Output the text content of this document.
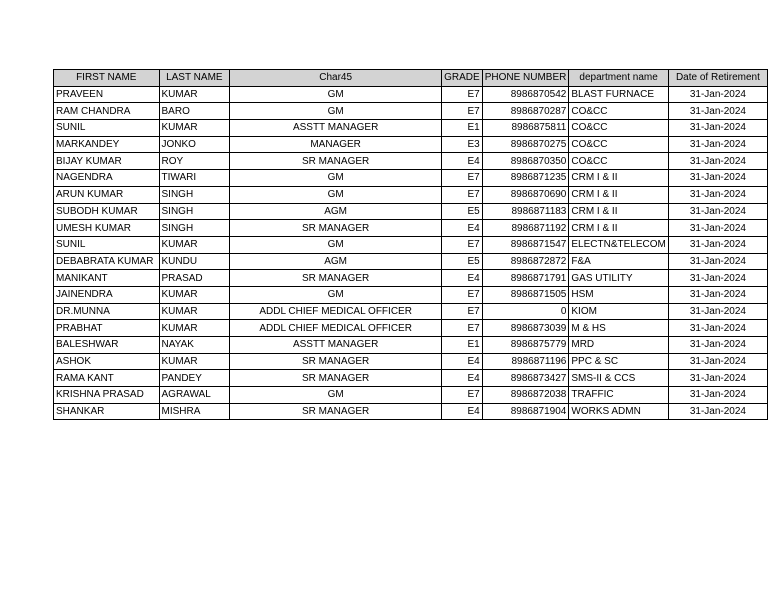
FIRST NAME	LAST NAME	Char45	GRADE	PHONE NUMBER	department name	Date of Retirement
PRAVEEN	KUMAR	GM	E7	8986870542	BLAST FURNACE	31-Jan-2024
RAM CHANDRA	BARO	GM	E7	8986870287	CO&CC	31-Jan-2024
SUNIL	KUMAR	ASSTT MANAGER	E1	8986875811	CO&CC	31-Jan-2024
MARKANDEY	JONKO	MANAGER	E3	8986870275	CO&CC	31-Jan-2024
BIJAY KUMAR	ROY	SR MANAGER	E4	8986870350	CO&CC	31-Jan-2024
NAGENDRA	TIWARI	GM	E7	8986871235	CRM I & II	31-Jan-2024
ARUN KUMAR	SINGH	GM	E7	8986870690	CRM I & II	31-Jan-2024
SUBODH KUMAR	SINGH	AGM	E5	8986871183	CRM I & II	31-Jan-2024
UMESH KUMAR	SINGH	SR MANAGER	E4	8986871192	CRM I & II	31-Jan-2024
SUNIL	KUMAR	GM	E7	8986871547	ELECTN&TELECOM	31-Jan-2024
DEBABRATA KUMAR	KUNDU	AGM	E5	8986872872	F&A	31-Jan-2024
MANIKANT	PRASAD	SR MANAGER	E4	8986871791	GAS UTILITY	31-Jan-2024
JAINENDRA	KUMAR	GM	E7	8986871505	HSM	31-Jan-2024
DR.MUNNA	KUMAR	ADDL CHIEF MEDICAL OFFICER	E7	0	KIOM	31-Jan-2024
PRABHAT	KUMAR	ADDL CHIEF MEDICAL OFFICER	E7	8986873039	M & HS	31-Jan-2024
BALESHWAR	NAYAK	ASSTT MANAGER	E1	8986875779	MRD	31-Jan-2024
ASHOK	KUMAR	SR MANAGER	E4	8986871196	PPC & SC	31-Jan-2024
RAMA KANT	PANDEY	SR MANAGER	E4	8986873427	SMS-II & CCS	31-Jan-2024
KRISHNA PRASAD	AGRAWAL	GM	E7	8986872038	TRAFFIC	31-Jan-2024
SHANKAR	MISHRA	SR MANAGER	E4	8986871904	WORKS ADMN	31-Jan-2024
